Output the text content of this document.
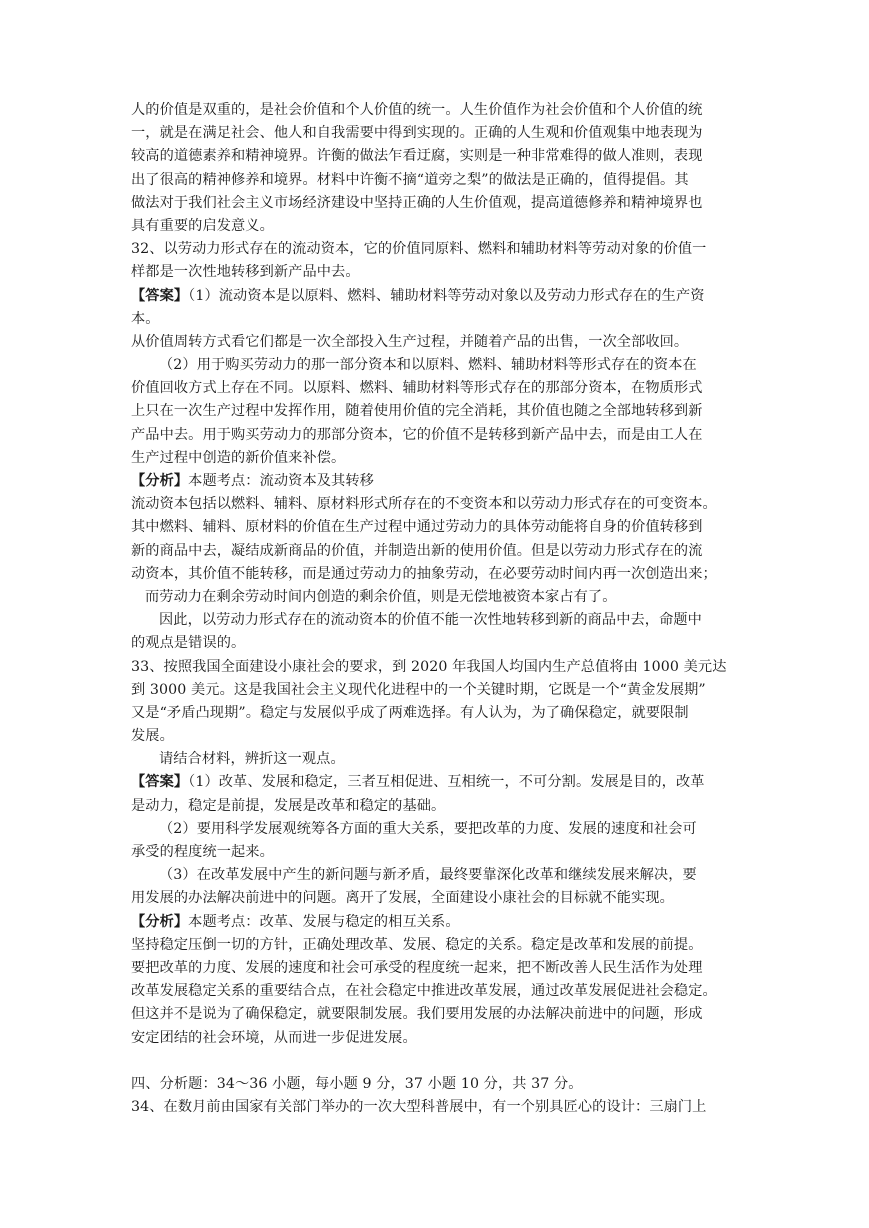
人的价值是双重的，是社会价值和个人价值的统一。人生价值作为社会价值和个人价值的统
一，就是在满足社会、他人和自我需要中得到实现的。正确的人生观和价值观集中地表现为
较高的道德素养和精神境界。许衡的做法乍看迂腐，实则是一种非常难得的做人准则，表现
出了很高的精神修养和境界。材料中许衡不摘“道旁之梨”的做法是正确的，值得提倡。其
做法对于我们社会主义市场经济建设中坚持正确的人生价值观，提高道德修养和精神境界也
具有重要的启发意义。
32、以劳动力形式存在的流动资本，它的价值同原料、燃料和辅助材料等劳动对象的价值一
样都是一次性地转移到新产品中去。
【答案】（1）流动资本是以原料、燃料、辅助材料等劳动对象以及劳动力形式存在的生产资
本。
从价值周转方式看它们都是一次全部投入生产过程，并随着产品的出售，一次全部收回。
（2）用于购买劳动力的那一部分资本和以原料、燃料、辅助材料等形式存在的资本在
价值回收方式上存在不同。以原料、燃料、辅助材料等形式存在的那部分资本，在物质形式
上只在一次生产过程中发挥作用，随着使用价值的完全消耗，其价值也随之全部地转移到新
产品中去。用于购买劳动力的那部分资本，它的价值不是转移到新产品中去，而是由工人在
生产过程中创造的新价值来补偿。
【分析】本题考点：流动资本及其转移
流动资本包括以燃料、辅料、原材料形式所存在的不变资本和以劳动力形式存在的可变资本。
其中燃料、辅料、原材料的价值在生产过程中通过劳动力的具体劳动能将自身的价值转移到
新的商品中去，凝结成新商品的价值，并制造出新的使用价值。但是以劳动力形式存在的流
动资本，其价值不能转移，而是通过劳动力的抽象劳动，在必要劳动时间内再一次创造出来；
而劳动力在剩余劳动时间内创造的剩余价值，则是无偿地被资本家占有了。
因此，以劳动力形式存在的流动资本的价值不能一次性地转移到新的商品中去，命题中
的观点是错误的。
33、按照我国全面建设小康社会的要求，到 2020 年我国人均国内生产总值将由 1000 美元达
到 3000 美元。这是我国社会主义现代化进程中的一个关键时期，它既是一个“黄金发展期”
又是“矛盾凸现期”。稳定与发展似乎成了两难选择。有人认为，为了确保稳定，就要限制
发展。
请结合材料，辨折这一观点。
【答案】（1）改革、发展和稳定，三者互相促进、互相统一，不可分割。发展是目的，改革
是动力，稳定是前提，发展是改革和稳定的基础。
（2）要用科学发展观统筹各方面的重大关系，要把改革的力度、发展的速度和社会可
承受的程度统一起来。
（3）在改革发展中产生的新问题与新矛盾，最终要靠深化改革和继续发展来解决，要
用发展的办法解决前进中的问题。离开了发展，全面建设小康社会的目标就不能实现。
【分析】本题考点：改革、发展与稳定的相互关系。
坚持稳定压倒一切的方针，正确处理改革、发展、稳定的关系。稳定是改革和发展的前提。
要把改革的力度、发展的速度和社会可承受的程度统一起来，把不断改善人民生活作为处理
改革发展稳定关系的重要结合点，在社会稳定中推进改革发展，通过改革发展促进社会稳定。
但这并不是说为了确保稳定，就要限制发展。我们要用发展的办法解决前进中的问题，形成
安定团结的社会环境，从而进一步促进发展。
四、分析题：34～36 小题，每小题 9 分，37 小题 10 分，共 37 分。
34、在数月前由国家有关部门举办的一次大型科普展中，有一个别具匠心的设计：三扇门上
